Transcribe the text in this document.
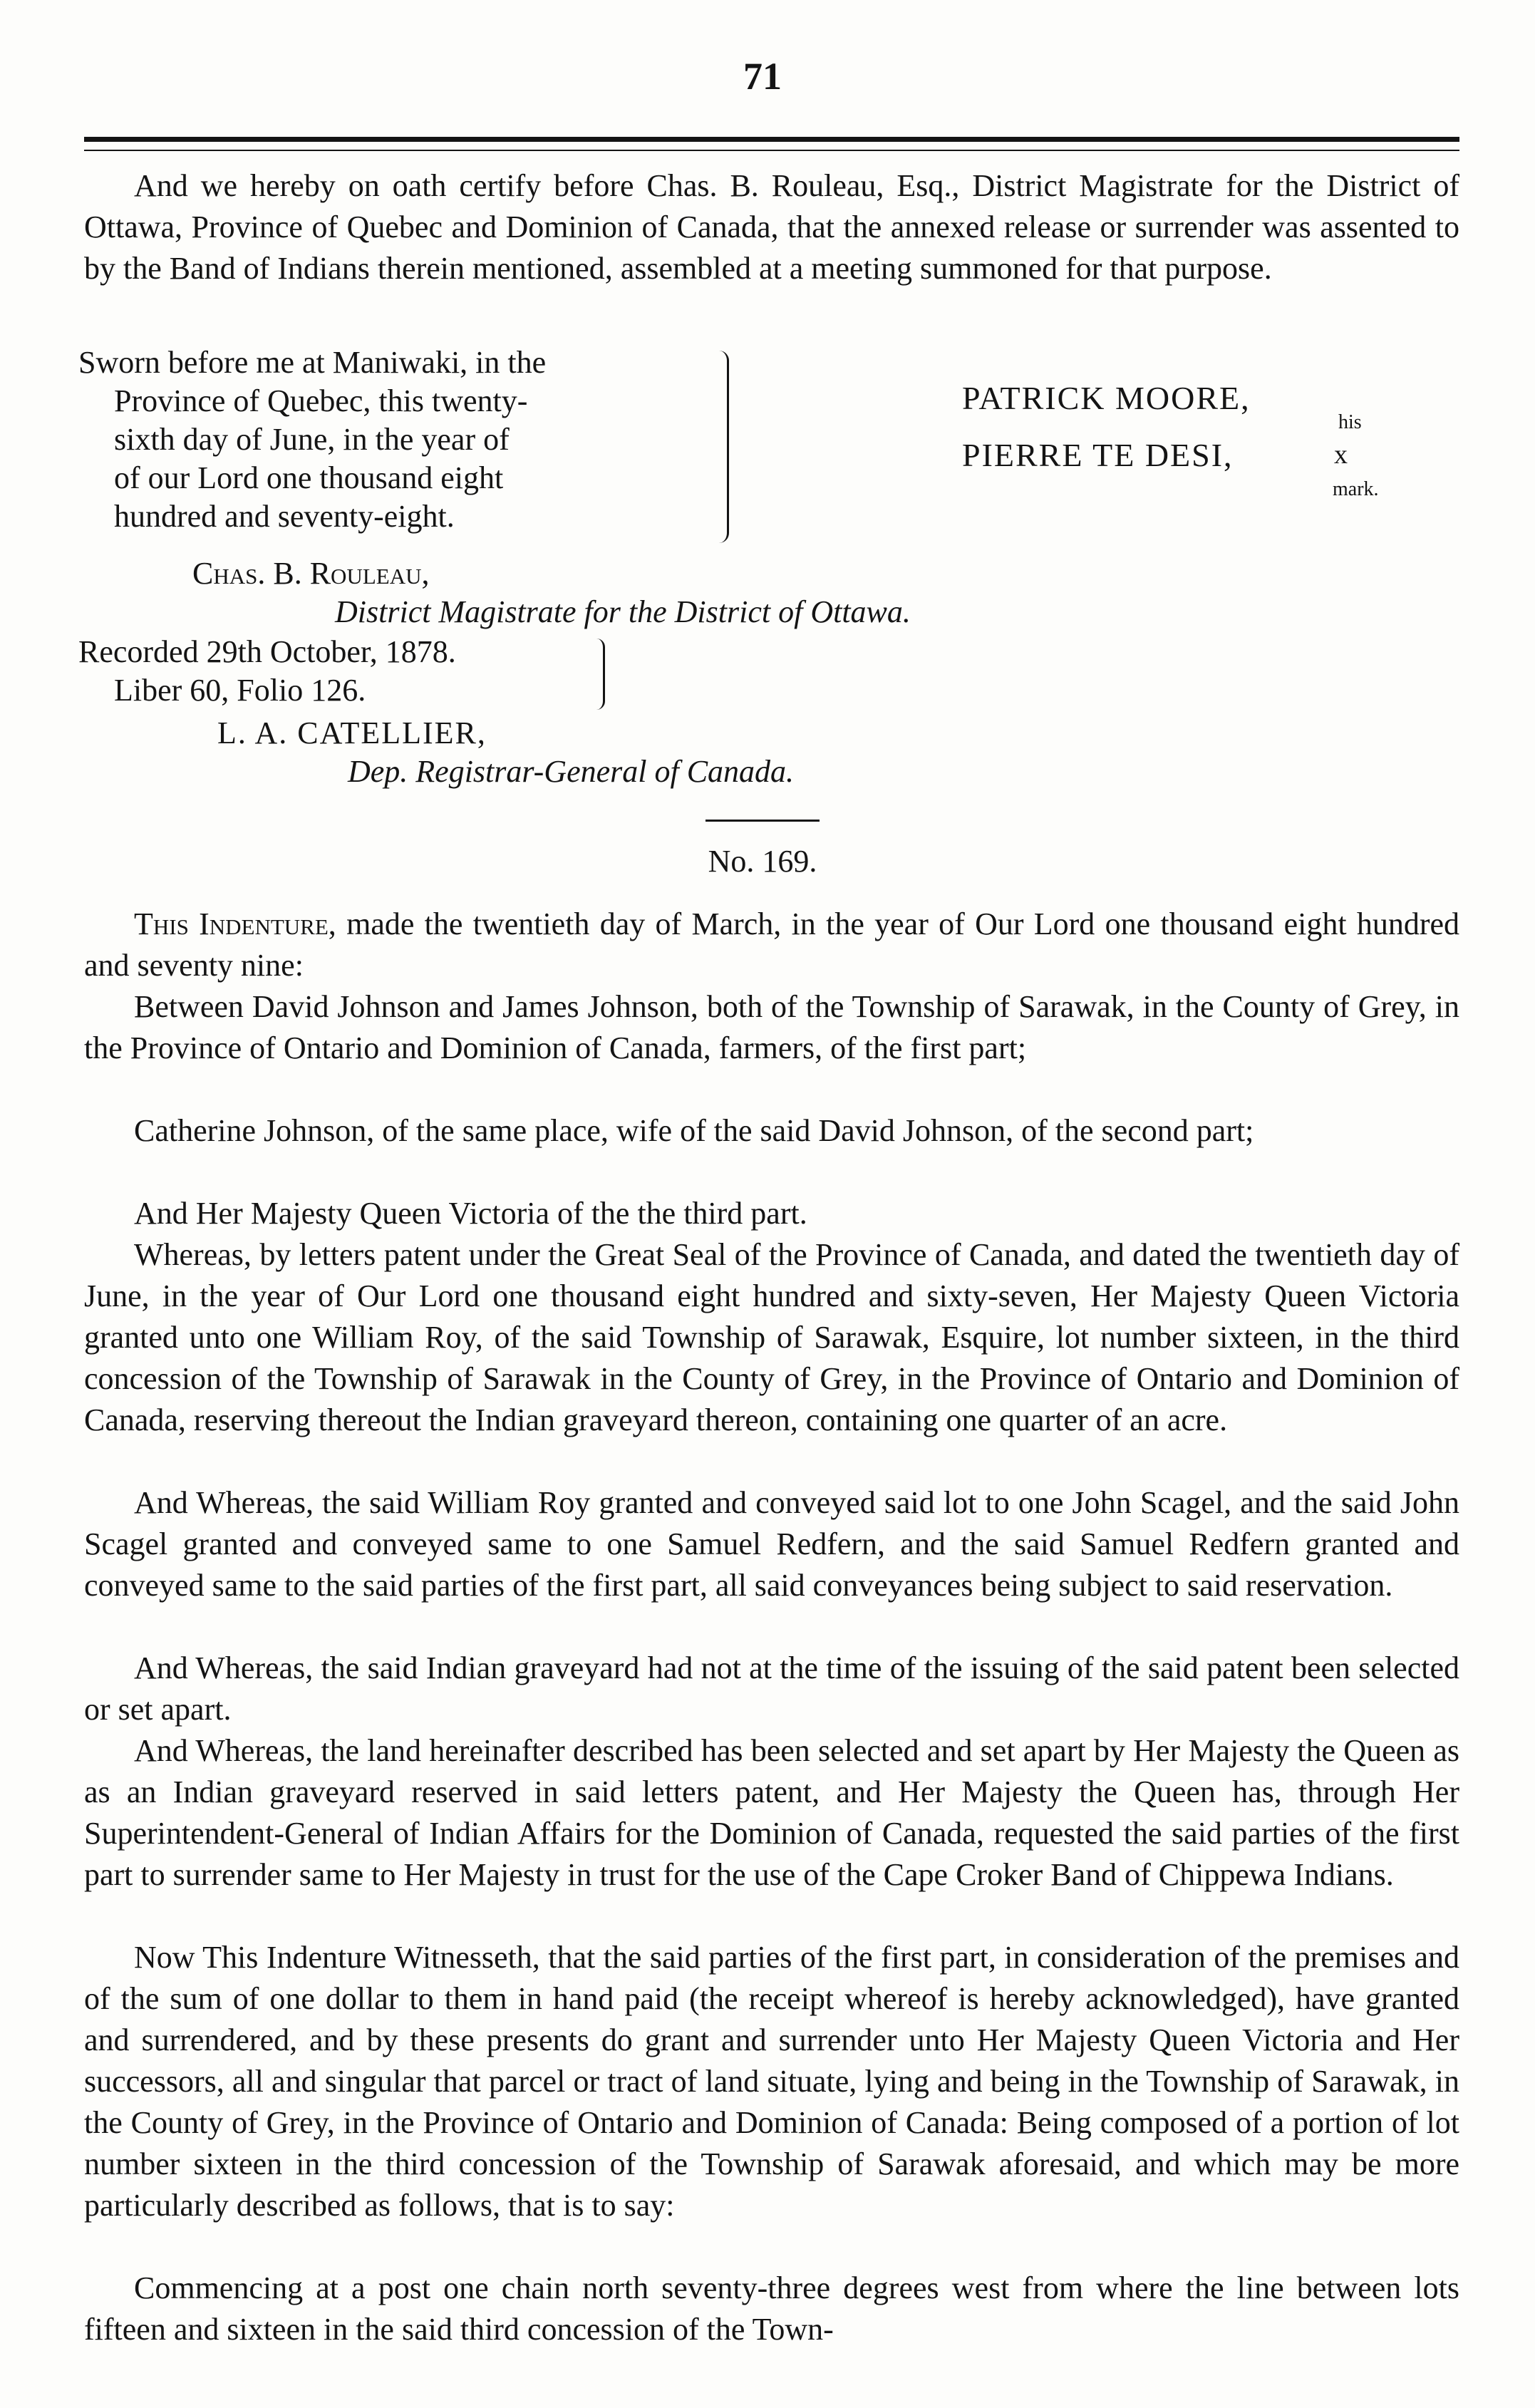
71

And we hereby on oath certify before Chas. B. Rouleau, Esq., District Magistrate for the District of Ottawa, Province of Quebec and Dominion of Canada, that the annexed release or surrender was assented to by the Band of Indians therein mentioned, assembled at a meeting summoned for that purpose.

Sworn before me at Maniwaki, in the
Province of Quebec, this twenty-
sixth day of June, in the year of
of our Lord one thousand eight
hundred and seventy-eight.
PATRICK MOORE,
PIERRE TE DESI,
his
x
mark.
Chas. B. Rouleau,
District Magistrate for the District of Ottawa.
Recorded 29th October, 1878.
Liber 60, Folio 126.
L. A. CATELLIER,
Dep. Registrar-General of Canada.
No. 169.

This Indenture, made the twentieth day of March, in the year of Our Lord one thousand eight hundred and seventy nine:

Between David Johnson and James Johnson, both of the Township of Sarawak, in the County of Grey, in the Province of Ontario and Dominion of Canada, farmers, of the first part;

Catherine Johnson, of the same place, wife of the said David Johnson, of the second part;

And Her Majesty Queen Victoria of the the third part.

Whereas, by letters patent under the Great Seal of the Province of Canada, and dated the twentieth day of June, in the year of Our Lord one thousand eight hundred and sixty-seven, Her Majesty Queen Victoria granted unto one William Roy, of the said Township of Sarawak, Esquire, lot number sixteen, in the third concession of the Township of Sarawak in the County of Grey, in the Province of Ontario and Dominion of Canada, reserving thereout the Indian graveyard thereon, containing one quarter of an acre.

And Whereas, the said William Roy granted and conveyed said lot to one John Scagel, and the said John Scagel granted and conveyed same to one Samuel Redfern, and the said Samuel Redfern granted and conveyed same to the said parties of the first part, all said conveyances being subject to said reservation.

And Whereas, the said Indian graveyard had not at the time of the issuing of the said patent been selected or set apart.

And Whereas, the land hereinafter described has been selected and set apart by Her Majesty the Queen as as an Indian graveyard reserved in said letters patent, and Her Majesty the Queen has, through Her Superintendent-General of Indian Affairs for the Dominion of Canada, requested the said parties of the first part to surrender same to Her Majesty in trust for the use of the Cape Croker Band of Chippewa Indians.

Now This Indenture Witnesseth, that the said parties of the first part, in consideration of the premises and of the sum of one dollar to them in hand paid (the receipt whereof is hereby acknowledged), have granted and surrendered, and by these presents do grant and surrender unto Her Majesty Queen Victoria and Her successors, all and singular that parcel or tract of land situate, lying and being in the Township of Sarawak, in the County of Grey, in the Province of Ontario and Dominion of Canada: Being composed of a portion of lot number sixteen in the third concession of the Township of Sarawak aforesaid, and which may be more particularly described as follows, that is to say:

Commencing at a post one chain north seventy-three degrees west from where the line between lots fifteen and sixteen in the said third concession of the Town-
